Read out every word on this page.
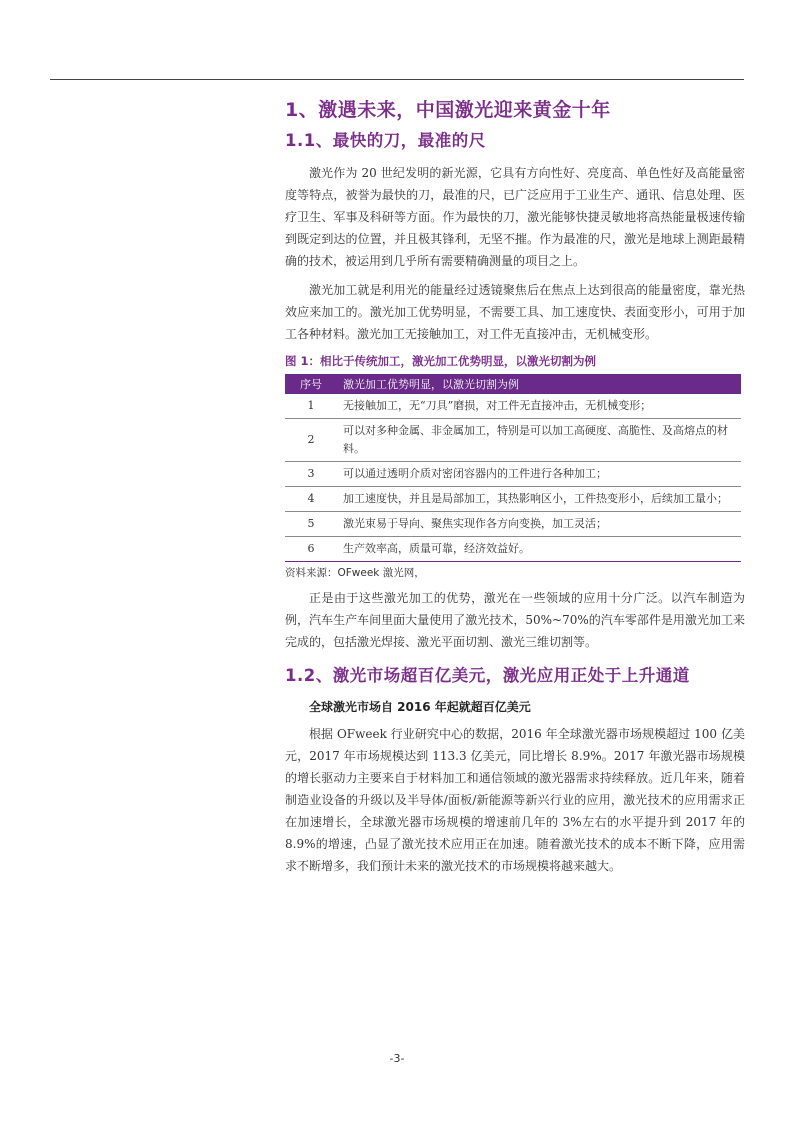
1、激遇未来，中国激光迎来黄金十年
1.1、最快的刀，最准的尺

激光作为 20 世纪发明的新光源，它具有方向性好、亮度高、单色性好及高能量密度等特点，被誉为最快的刀，最准的尺，已广泛应用于工业生产、通讯、信息处理、医疗卫生、军事及科研等方面。作为最快的刀，激光能够快捷灵敏地将高热能量极速传输到既定到达的位置，并且极其锋利，无坚不摧。作为最准的尺，激光是地球上测距最精确的技术，被运用到几乎所有需要精确测量的项目之上。

激光加工就是利用光的能量经过透镜聚焦后在焦点上达到很高的能量密度，靠光热效应来加工的。激光加工优势明显，不需要工具、加工速度快、表面变形小，可用于加工各种材料。激光加工无接触加工，对工件无直接冲击，无机械变形。

图 1：相比于传统加工，激光加工优势明显，以激光切割为例
序号	激光加工优势明显，以激光切割为例
1	无接触加工，无“刀具”磨损，对工件无直接冲击，无机械变形；
2	可以对多种金属、非金属加工，特别是可以加工高硬度、高脆性、及高熔点的材料。
3	可以通过透明介质对密闭容器内的工件进行各种加工；
4	加工速度快，并且是局部加工，其热影响区小，工件热变形小，后续加工量小；
5	激光束易于导向、聚焦实现作各方向变换，加工灵活；
6	生产效率高，质量可靠，经济效益好。
资料来源：OFweek 激光网，

正是由于这些激光加工的优势，激光在一些领域的应用十分广泛。以汽车制造为例，汽车生产车间里面大量使用了激光技术，50%~70%的汽车零部件是用激光加工来完成的，包括激光焊接、激光平面切割、激光三维切割等。

1.2、激光市场超百亿美元，激光应用正处于上升通道
全球激光市场自 2016 年起就超百亿美元

根据 OFweek 行业研究中心的数据，2016 年全球激光器市场规模超过 100 亿美元，2017 年市场规模达到 113.3 亿美元，同比增长 8.9%。2017 年激光器市场规模的增长驱动力主要来自于材料加工和通信领域的激光器需求持续释放。近几年来，随着制造业设备的升级以及半导体/面板/新能源等新兴行业的应用，激光技术的应用需求正在加速增长，全球激光器市场规模的增速前几年的 3%左右的水平提升到 2017 年的 8.9%的增速，凸显了激光技术应用正在加速。随着激光技术的成本不断下降，应用需求不断增多，我们预计未来的激光技术的市场规模将越来越大。

-3-
